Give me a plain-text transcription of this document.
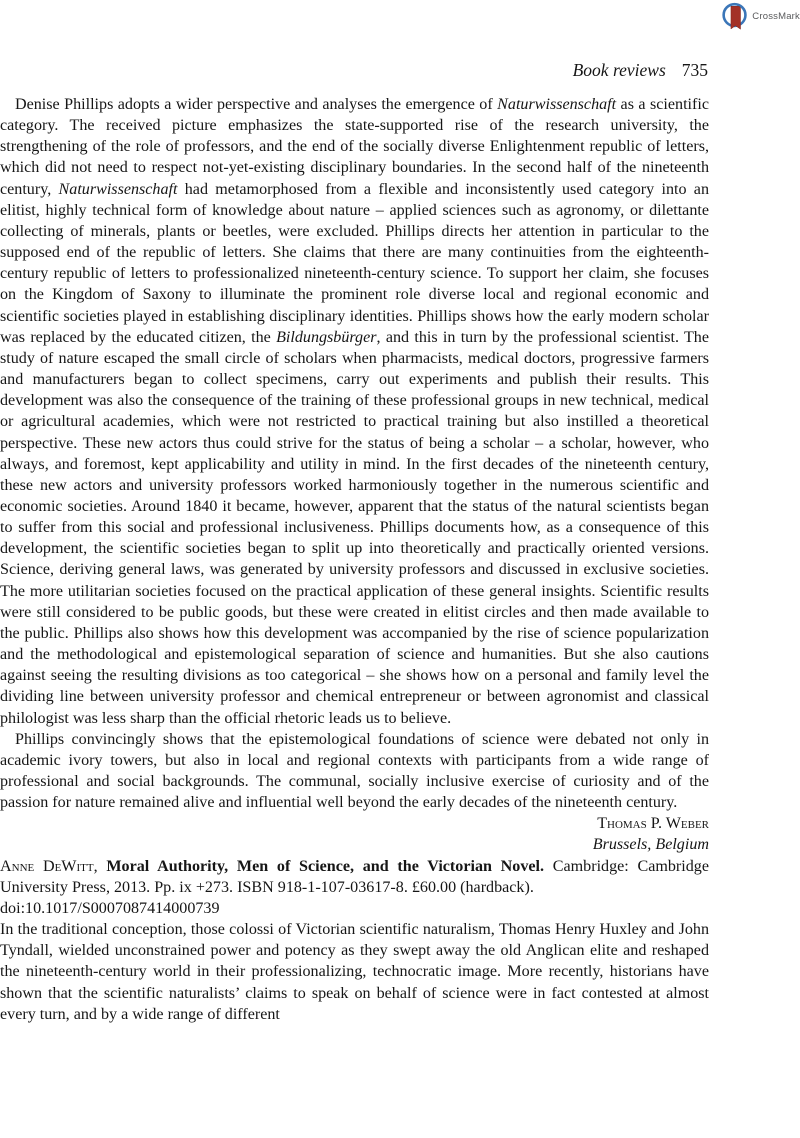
CrossMark
Book reviews 735

Denise Phillips adopts a wider perspective and analyses the emergence of Naturwissenschaft as a scientific category. The received picture emphasizes the state-supported rise of the research university, the strengthening of the role of professors, and the end of the socially diverse Enlightenment republic of letters, which did not need to respect not-yet-existing disciplinary boundaries. In the second half of the nineteenth century, Naturwissenschaft had metamorphosed from a flexible and inconsistently used category into an elitist, highly technical form of knowledge about nature – applied sciences such as agronomy, or dilettante collecting of minerals, plants or beetles, were excluded. Phillips directs her attention in particular to the supposed end of the republic of letters. She claims that there are many continuities from the eighteenth-century republic of letters to professionalized nineteenth-century science. To support her claim, she focuses on the Kingdom of Saxony to illuminate the prominent role diverse local and regional economic and scientific societies played in establishing disciplinary identities. Phillips shows how the early modern scholar was replaced by the educated citizen, the Bildungsbürger, and this in turn by the professional scientist. The study of nature escaped the small circle of scholars when pharmacists, medical doctors, progressive farmers and manufacturers began to collect specimens, carry out experiments and publish their results. This development was also the consequence of the training of these professional groups in new technical, medical or agricultural academies, which were not restricted to practical training but also instilled a theoretical perspective. These new actors thus could strive for the status of being a scholar – a scholar, however, who always, and foremost, kept applicability and utility in mind. In the first decades of the nineteenth century, these new actors and university professors worked harmoniously together in the numerous scientific and economic societies. Around 1840 it became, however, apparent that the status of the natural scientists began to suffer from this social and professional inclusiveness. Phillips documents how, as a consequence of this development, the scientific societies began to split up into theoretically and practically oriented versions. Science, deriving general laws, was generated by university professors and discussed in exclusive societies. The more utilitarian societies focused on the practical application of these general insights. Scientific results were still considered to be public goods, but these were created in elitist circles and then made available to the public. Phillips also shows how this development was accompanied by the rise of science popularization and the methodological and epistemological separation of science and humanities. But she also cautions against seeing the resulting divisions as too categorical – she shows how on a personal and family level the dividing line between university professor and chemical entrepreneur or between agronomist and classical philologist was less sharp than the official rhetoric leads us to believe.

Phillips convincingly shows that the epistemological foundations of science were debated not only in academic ivory towers, but also in local and regional contexts with participants from a wide range of professional and social backgrounds. The communal, socially inclusive exercise of curiosity and of the passion for nature remained alive and influential well beyond the early decades of the nineteenth century.

Thomas P. Weber
Brussels, Belgium

Anne DeWitt, Moral Authority, Men of Science, and the Victorian Novel. Cambridge: Cambridge University Press, 2013. Pp. ix +273. ISBN 918-1-107-03617-8. £60.00 (hardback).
doi:10.1017/S0007087414000739

In the traditional conception, those colossi of Victorian scientific naturalism, Thomas Henry Huxley and John Tyndall, wielded unconstrained power and potency as they swept away the old Anglican elite and reshaped the nineteenth-century world in their professionalizing, technocratic image. More recently, historians have shown that the scientific naturalists’ claims to speak on behalf of science were in fact contested at almost every turn, and by a wide range of different
